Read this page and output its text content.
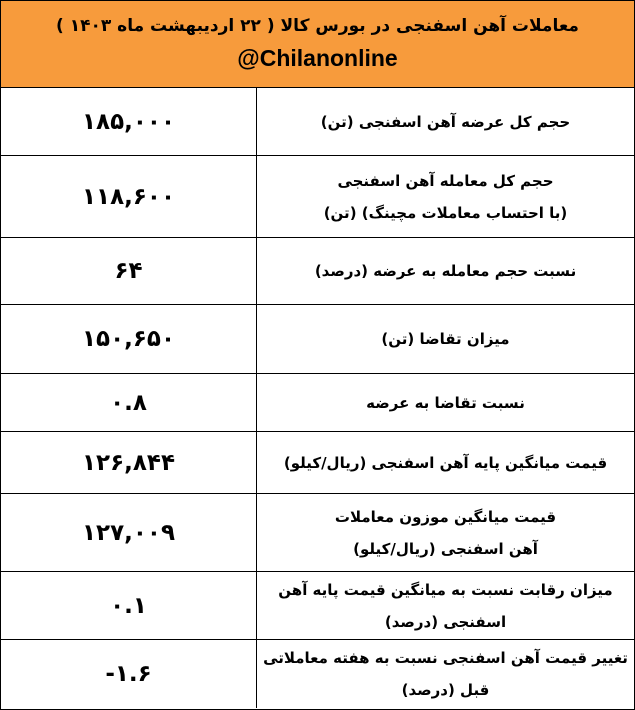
معاملات آهن اسفنجی در بورس کالا ( ۲۲ اردیبهشت ماه ۱۴۰۳ )
@Chilanonline
حجم کل عرضه آهن اسفنجی (تن)
۱۸۵,۰۰۰
حجم کل معامله آهن اسفنجی
(با احتساب معاملات مچینگ) (تن)
۱۱۸,۶۰۰
نسبت حجم معامله به عرضه (درصد)
۶۴
میزان تقاضا (تن)
۱۵۰,۶۵۰
نسبت تقاضا به عرضه
۰.۸
قیمت میانگین پایه آهن اسفنجی (ریال/کیلو)
۱۲۶,۸۴۴
قیمت میانگین موزون معاملات
آهن اسفنجی (ریال/کیلو)
۱۲۷,۰۰۹
میزان رقابت نسبت به میانگین قیمت پایه آهن
اسفنجی (درصد)
۰.۱
تغییر قیمت آهن اسفنجی نسبت به هفته معاملاتی
قبل (درصد)
-۱.۶
